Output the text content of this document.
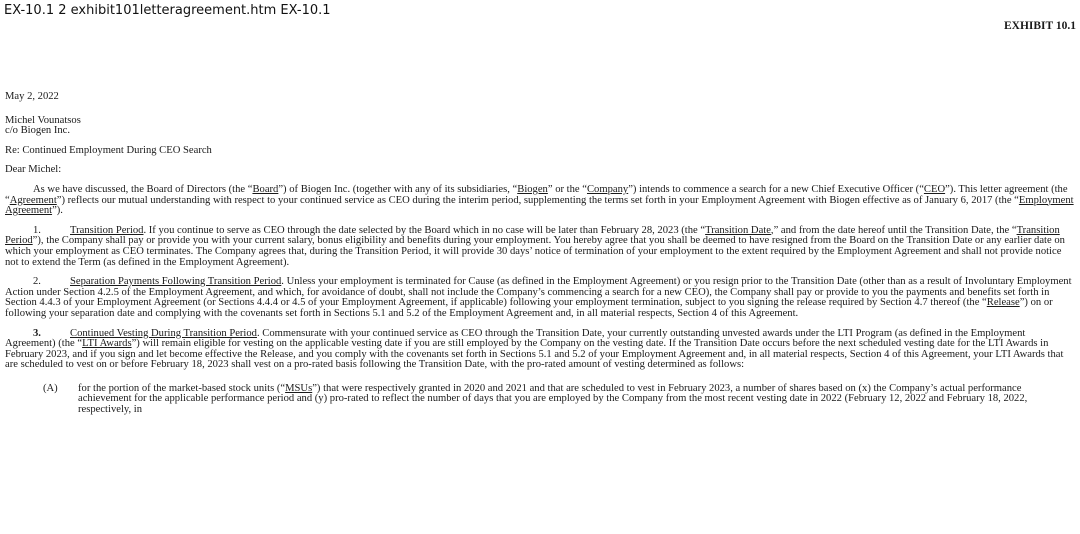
EX-10.1 2 exhibit101letteragreement.htm EX-10.1
EXHIBIT 10.1

May 2, 2022

Michel Vounatsos

c/o Biogen Inc.

Re: Continued Employment During CEO Search

Dear Michel:

As we have discussed, the Board of Directors (the “Board”) of Biogen Inc. (together with any of its subsidiaries, “Biogen” or the “Company”) intends to commence a search for a new Chief Executive Officer (“CEO”). This letter agreement (the “Agreement”) reflects our mutual understanding with respect to your continued service as CEO during the interim period, supplementing the terms set forth in your Employment Agreement with Biogen effective as of January 6, 2017 (the “Employment Agreement”).

1.	Transition Period. If you continue to serve as CEO through the date selected by the Board which in no case will be later than February 28, 2023 (the “Transition Date,” and from the date hereof until the Transition Date, the “Transition Period”), the Company shall pay or provide you with your current salary, bonus eligibility and benefits during your employment. You hereby agree that you shall be deemed to have resigned from the Board on the Transition Date or any earlier date on which your employment as CEO terminates. The Company agrees that, during the Transition Period, it will provide 30 days’ notice of termination of your employment to the extent required by the Employment Agreement and shall not provide notice not to extend the Term (as defined in the Employment Agreement).

2.	Separation Payments Following Transition Period. Unless your employment is terminated for Cause (as defined in the Employment Agreement) or you resign prior to the Transition Date (other than as a result of Involuntary Employment Action under Section 4.2.5 of the Employment Agreement, and which, for avoidance of doubt, shall not include the Company’s commencing a search for a new CEO), the Company shall pay or provide to you the payments and benefits set forth in Section 4.4.3 of your Employment Agreement (or Sections 4.4.4 or 4.5 of your Employment Agreement, if applicable) following your employment termination, subject to you signing the release required by Section 4.7 thereof (the “Release”) on or following your separation date and complying with the covenants set forth in Sections 5.1 and 5.2 of the Employment Agreement and, in all material respects, Section 4 of this Agreement.

3.	Continued Vesting During Transition Period. Commensurate with your continued service as CEO through the Transition Date, your currently outstanding unvested awards under the LTI Program (as defined in the Employment Agreement) (the “LTI Awards”) will remain eligible for vesting on the applicable vesting date if you are still employed by the Company on the vesting date. If the Transition Date occurs before the next scheduled vesting date for the LTI Awards in February 2023, and if you sign and let become effective the Release, and you comply with the covenants set forth in Sections 5.1 and 5.2 of your Employment Agreement and, in all material respects, Section 4 of this Agreement, your LTI Awards that are scheduled to vest on or before February 18, 2023 shall vest on a pro-rated basis following the Transition Date, with the pro-rated amount of vesting determined as follows:

(A) for the portion of the market-based stock units (“MSUs”) that were respectively granted in 2020 and 2021 and that are scheduled to vest in February 2023, a number of shares based on (x) the Company’s actual performance achievement for the applicable performance period and (y) pro-rated to reflect the number of days that you are employed by the Company from the most recent vesting date in 2022 (February 12, 2022 and February 18, 2022, respectively, in
